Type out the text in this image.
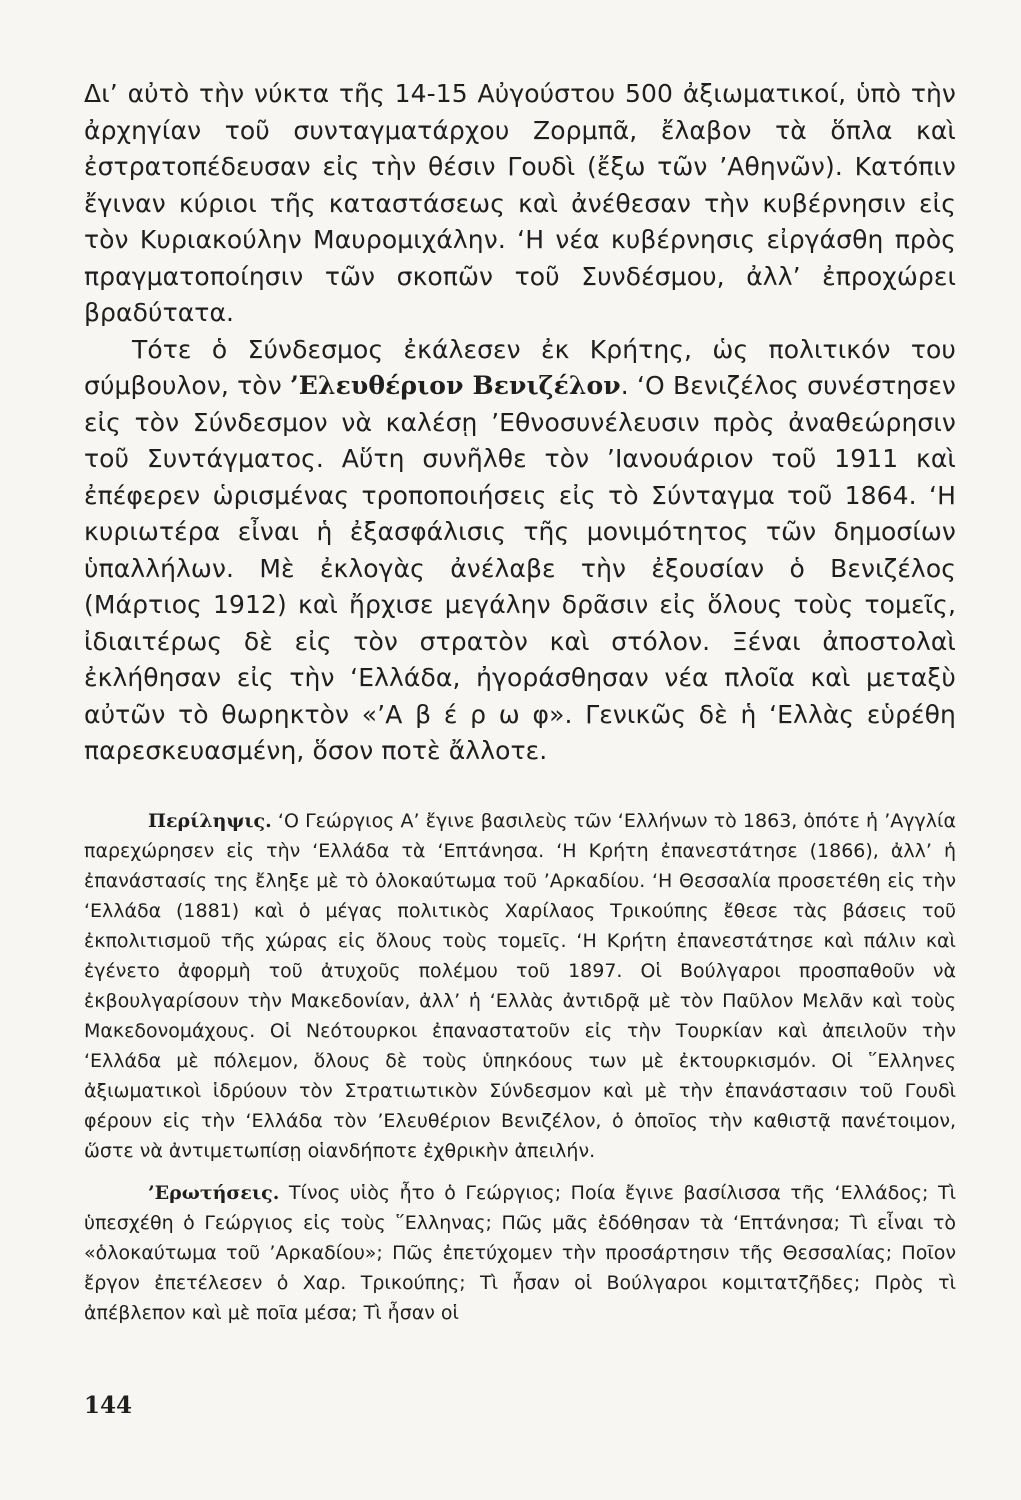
Δι’ αὐτὸ τὴν νύκτα τῆς 14-15 Αὐγούστου 500 ἀξιωματικοί, ὑπὸ τὴν ἀρχηγίαν τοῦ συνταγματάρχου Ζορμπᾶ, ἔλαβον τὰ ὅπλα καὶ ἐστρατοπέδευσαν εἰς τὴν θέσιν Γουδὶ (ἔξω τῶν ’Αθηνῶν). Κατόπιν ἔγιναν κύριοι τῆς καταστάσεως καὶ ἀνέθεσαν τὴν κυβέρνησιν εἰς τὸν Κυριακούλην Μαυρομιχάλην. ‘Η νέα κυβέρνησις εἰργάσθη πρὸς πραγματοποίησιν τῶν σκοπῶν τοῦ Συνδέσμου, ἀλλ’ ἐπροχώρει βραδύτατα.

Τότε ὁ Σύνδεσμος ἐκάλεσεν ἐκ Κρήτης, ὡς πολιτικόν του σύμβουλον, τὸν ’Ελευθέριον Βενιζέλον. ‘Ο Βενιζέλος συνέστησεν εἰς τὸν Σύνδεσμον νὰ καλέσῃ ’Εθνοσυνέλευσιν πρὸς ἀναθεώρησιν τοῦ Συντάγματος. Αὕτη συνῆλθε τὸν ’Ιανουάριον τοῦ 1911 καὶ ἐπέφερεν ὡρισμένας τροποποιήσεις εἰς τὸ Σύνταγμα τοῦ 1864. ‘Η κυριωτέρα εἶναι ἡ ἐξασφάλισις τῆς μονιμότητος τῶν δημοσίων ὑπαλλήλων. Μὲ ἐκλογὰς ἀνέλαβε τὴν ἐξουσίαν ὁ Βενιζέλος (Μάρτιος 1912) καὶ ἤρχισε μεγάλην δρᾶσιν εἰς ὅλους τοὺς τομεῖς, ἰδιαιτέρως δὲ εἰς τὸν στρατὸν καὶ στόλον. Ξέναι ἀποστολαὶ ἐκλήθησαν εἰς τὴν ‘Ελλάδα, ἠγοράσθησαν νέα πλοῖα καὶ μεταξὺ αὐτῶν τὸ θωρηκτὸν «’Α β έ ρ ω φ». Γενικῶς δὲ ἡ ‘Ελλὰς εὑρέθη παρεσκευασμένη, ὅσον ποτὲ ἄλλοτε.

Περίληψις. ‘Ο Γεώργιος Α’ ἔγινε βασιλεὺς τῶν ‘Ελλήνων τὸ 1863, ὁπότε ἡ ’Αγγλία παρεχώρησεν εἰς τὴν ‘Ελλάδα τὰ ‘Επτάνησα. ‘Η Κρήτη ἐπανεστάτησε (1866), ἀλλ’ ἡ ἐπανάστασίς της ἔληξε μὲ τὸ ὁλοκαύτωμα τοῦ ’Αρκαδίου. ‘Η Θεσσαλία προσετέθη εἰς τὴν ‘Ελλάδα (1881) καὶ ὁ μέγας πολιτικὸς Χαρίλαος Τρικούπης ἔθεσε τὰς βάσεις τοῦ ἐκπολιτισμοῦ τῆς χώρας εἰς ὅλους τοὺς τομεῖς. ‘Η Κρήτη ἐπανεστάτησε καὶ πάλιν καὶ ἐγένετο ἀφορμὴ τοῦ ἀτυχοῦς πολέμου τοῦ 1897. Οἱ Βούλγαροι προσπαθοῦν νὰ ἐκβουλγαρίσουν τὴν Μακεδονίαν, ἀλλ’ ἡ ‘Ελλὰς ἀντιδρᾷ μὲ τὸν Παῦλον Μελᾶν καὶ τοὺς Μακεδονομάχους. Οἱ Νεότουρκοι ἐπαναστατοῦν εἰς τὴν Τουρκίαν καὶ ἀπειλοῦν τὴν ‘Ελλάδα μὲ πόλεμον, ὅλους δὲ τοὺς ὑπηκόους των μὲ ἐκτουρκισμόν. Οἱ ῞Ελληνες ἀξιωματικοὶ ἱδρύουν τὸν Στρατιωτικὸν Σύνδεσμον καὶ μὲ τὴν ἐπανάστασιν τοῦ Γουδὶ φέρουν εἰς τὴν ‘Ελλάδα τὸν ’Ελευθέριον Βενιζέλον, ὁ ὁποῖος τὴν καθιστᾷ πανέτοιμον, ὥστε νὰ ἀντιμετωπίσῃ οἱανδήποτε ἐχθρικὴν ἀπειλήν.

’Ερωτήσεις. Τίνος υἱὸς ἦτο ὁ Γεώργιος; Ποία ἔγινε βασίλισσα τῆς ‘Ελλάδος; Τὶ ὑπεσχέθη ὁ Γεώργιος εἰς τοὺς ῞Ελληνας; Πῶς μᾶς ἐδόθησαν τὰ ‘Επτάνησα; Τὶ εἶναι τὸ «ὁλοκαύτωμα τοῦ ’Αρκαδίου»; Πῶς ἐπετύχομεν τὴν προσάρτησιν τῆς Θεσσαλίας; Ποῖον ἔργον ἐπετέλεσεν ὁ Χαρ. Τρικούπης; Τὶ ἦσαν οἱ Βούλγαροι κομιτατζῆδες; Πρὸς τὶ ἀπέβλεπον καὶ μὲ ποῖα μέσα; Τὶ ἦσαν οἱ

144
